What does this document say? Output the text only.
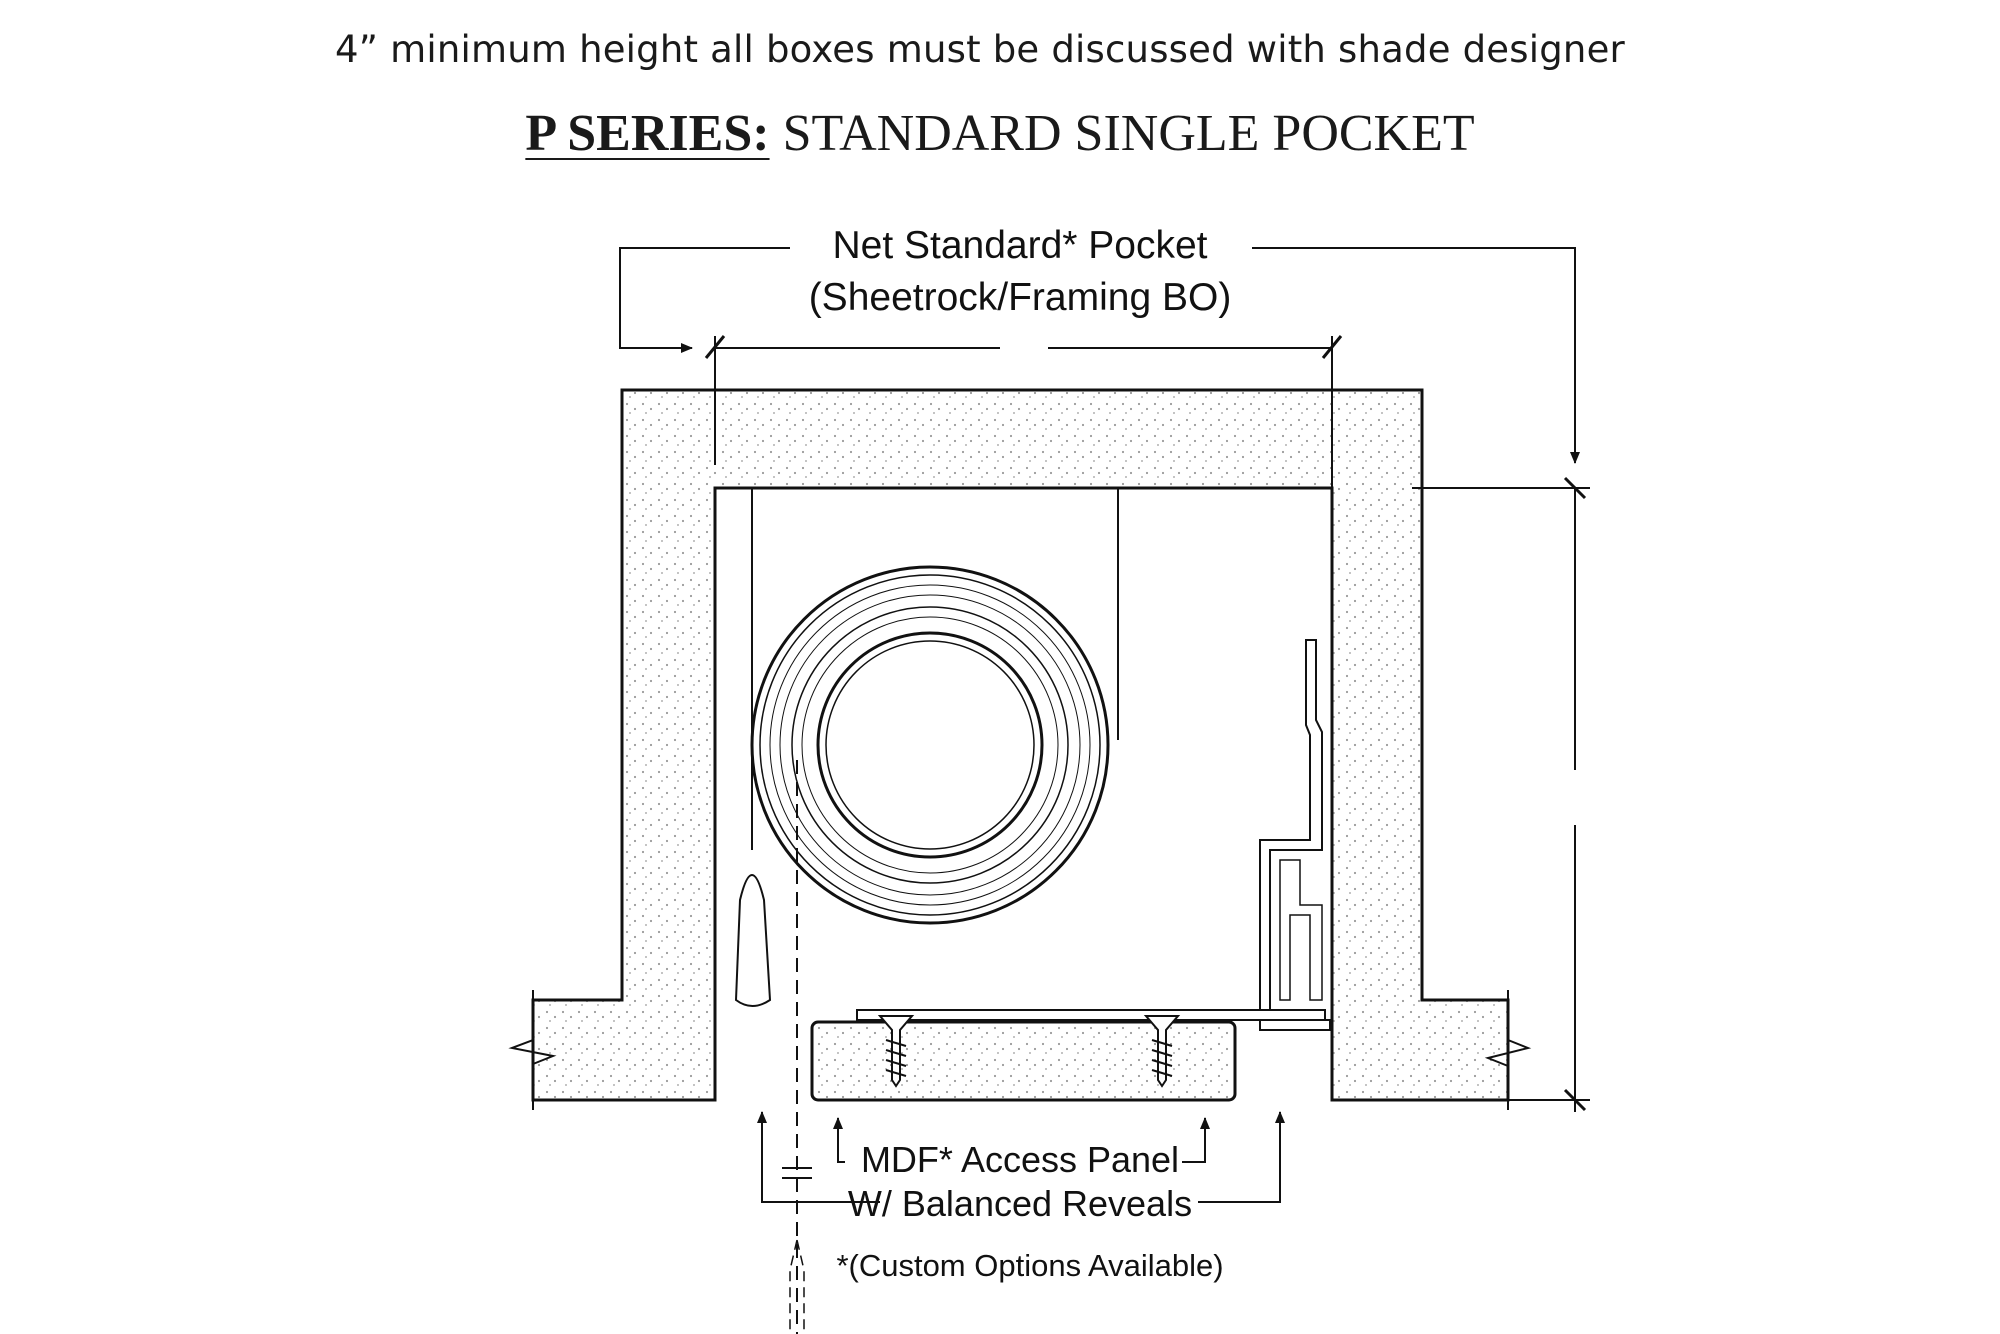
4” minimum height all boxes must be discussed with shade designer
P SERIES: STANDARD SINGLE POCKET
Net Standard* Pocket
(Sheetrock/Framing BO)
MDF* Access Panel
W/ Balanced Reveals
*(Custom Options Available)
